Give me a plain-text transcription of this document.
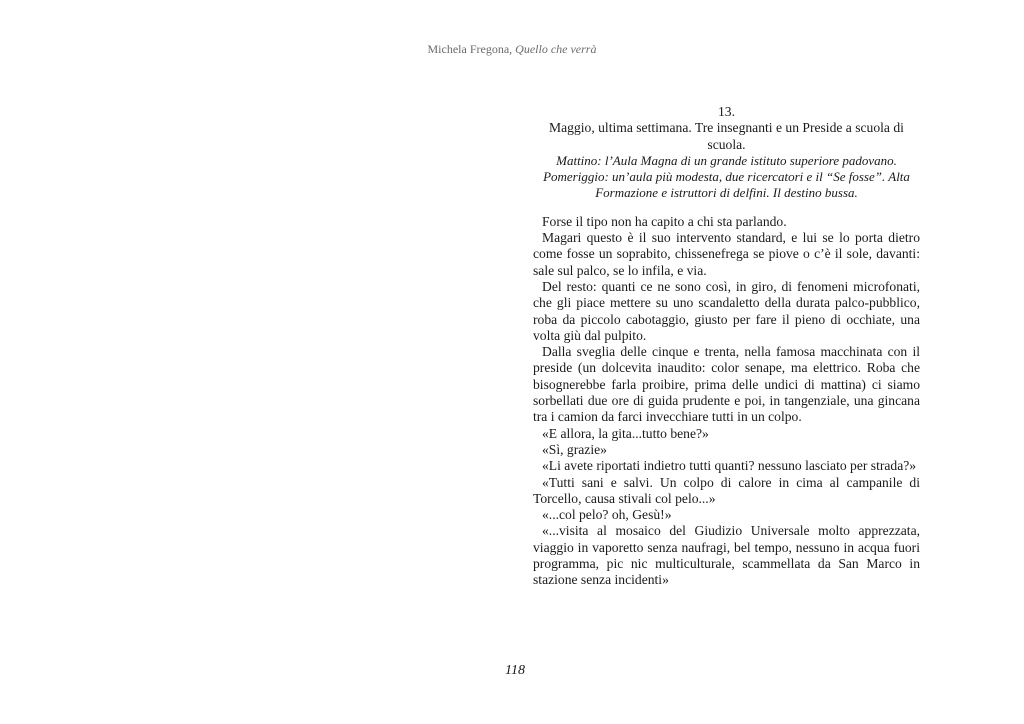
Michela Fregona, Quello che verrà
13.
Maggio, ultima settimana. Tre insegnanti e un Preside a scuola di scuola.
Mattino: l’Aula Magna di un grande istituto superiore padovano. Pomeriggio: un’aula più modesta, due ricercatori e il “Se fosse”. Alta Formazione e istruttori di delfini. Il destino bussa.

Forse il tipo non ha capito a chi sta parlando.

Magari questo è il suo intervento standard, e lui se lo porta dietro come fosse un soprabito, chissenefrega se piove o c’è il sole, davanti: sale sul palco, se lo infila, e via.

Del resto: quanti ce ne sono così, in giro, di fenomeni microfonati, che gli piace mettere su uno scandaletto della durata palco-pubblico, roba da piccolo cabotaggio, giusto per fare il pieno di occhiate, una volta giù dal pulpito.

Dalla sveglia delle cinque e trenta, nella famosa macchinata con il preside (un dolcevita inaudito: color senape, ma elettrico. Roba che bisognerebbe farla proibire, prima delle undici di mattina) ci siamo sorbellati due ore di guida prudente e poi, in tangenziale, una gincana tra i camion da farci invecchiare tutti in un colpo.

«E allora, la gita...tutto bene?»

«Sì, grazie»

«Li avete riportati indietro tutti quanti? nessuno lasciato per strada?»

«Tutti sani e salvi. Un colpo di calore in cima al campanile di Torcello, causa stivali col pelo...»

«...col pelo? oh, Gesù!»

«...visita al mosaico del Giudizio Universale molto apprezzata, viaggio in vaporetto senza naufragi, bel tempo, nessuno in acqua fuori programma, pic nic multiculturale, scammellata da San Marco in stazione senza incidenti»

118
